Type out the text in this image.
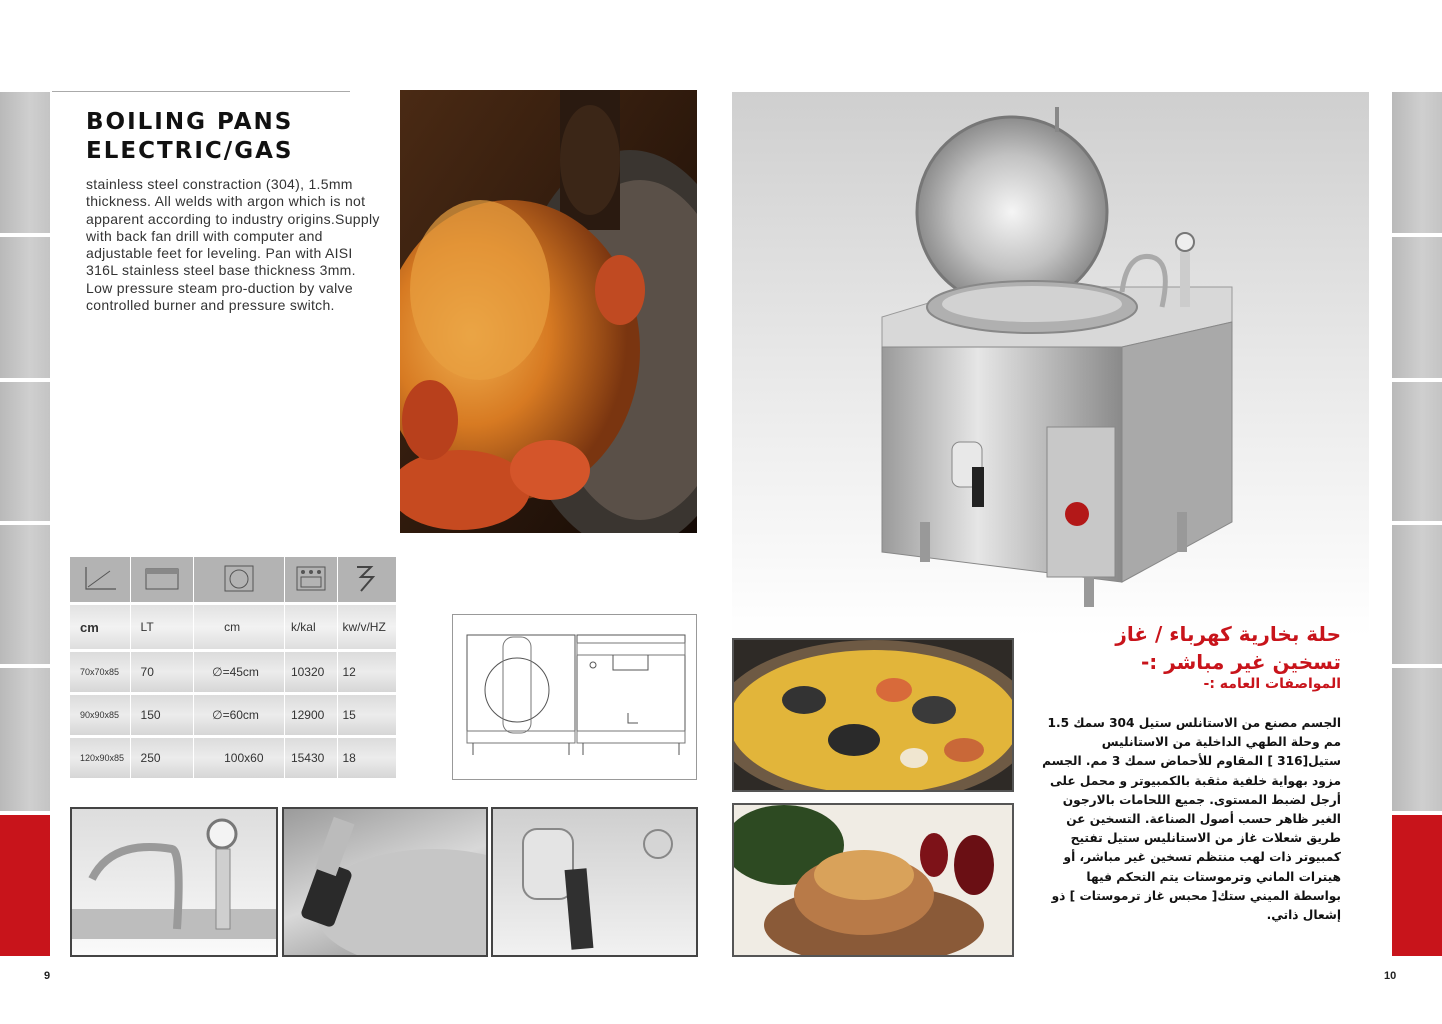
BOILING PANS
ELECTRIC/GAS
stainless steel constraction (304), 1.5mm thickness. All welds with argon which is not apparent according to industry origins.Supply with back fan drill with computer and adjustable feet for leveling. Pan with AISI 316L stainless steel base thickness 3mm. Low pressure steam pro-duction by valve controlled burner and pressure switch.

cm	LT	cm	k/kal	kw/v/HZ
70x70x85	70	∅=45cm	10320	12
90x90x85	150	∅=60cm	12900	15
120x90x85	250	100x60	15430	18
حلة بخارية كهرباء / غاز
تسخين غير مباشر :-
المواصفات العامه :-
الجسم مصنع من الاستانلس ستيل 304 سمك 1.5 مم وحلة الطهي الداخلية من الاستانليس ستيل[316 ] المقاوم للأحماض سمك 3 مم. الجسم مزود بهواية خلفية مثقبة بالكمبيوتر و محمل على أرجل لضبط المستوى. جميع اللحامات بالارجون الغير ظاهر حسب أصول الصناعة. التسخين عن طريق شعلات غاز من الاستانليس ستيل تفتيح كمبيوتر ذات لهب منتظم تسخين غير مباشر، أو هيترات الماني وترموستات يتم التحكم فيها بواسطة الميني ستك[ محبس غاز ترموستات ] ذو إشعال ذاتي.
9	10
